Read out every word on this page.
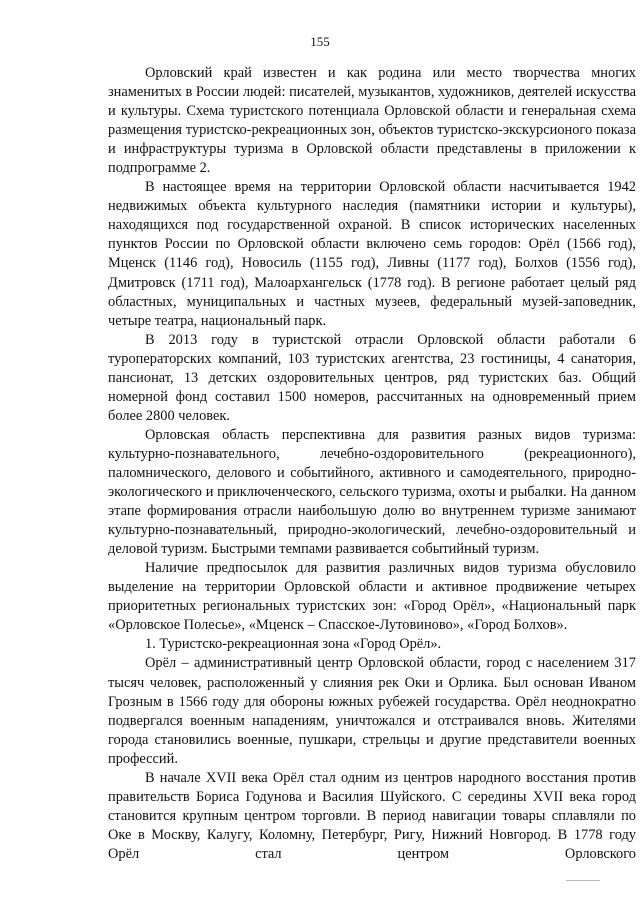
155

Орловский край известен и как родина или место творчества многих знаменитых в России людей: писателей, музыкантов, художников, деятелей искусства и культуры. Схема туристского потенциала Орловской области и генеральная схема размещения туристско-рекреационных зон, объектов туристско-экскурсионого показа и инфраструктуры туризма в Орловской области представлены в приложении к подпрограмме 2.

В настоящее время на территории Орловской области насчитывается 1942 недвижимых объекта культурного наследия (памятники истории и культуры), находящихся под государственной охраной. В список исторических населенных пунктов России по Орловской области включено семь городов: Орёл (1566 год), Мценск (1146 год), Новосиль (1155 год), Ливны (1177 год), Болхов (1556 год), Дмитровск (1711 год), Малоархангельск (1778 год). В регионе работает целый ряд областных, муниципальных и частных музеев, федеральный музей-заповедник, четыре театра, национальный парк.

В 2013 году в туристской отрасли Орловской области работали 6 туроператорских компаний, 103 туристских агентства, 23 гостиницы, 4 санатория, пансионат, 13 детских оздоровительных центров, ряд туристских баз. Общий номерной фонд составил 1500 номеров, рассчитанных на одновременный прием более 2800 человек.

Орловская область перспективна для развития разных видов туризма: культурно-познавательного, лечебно-оздоровительного (рекреационного), паломнического, делового и событийного, активного и самодеятельного, природно-экологического и приключенческого, сельского туризма, охоты и рыбалки. На данном этапе формирования отрасли наибольшую долю во внутреннем туризме занимают культурно-познавательный, природно-экологический, лечебно-оздоровительный и деловой туризм. Быстрыми темпами развивается событийный туризм.

Наличие предпосылок для развития различных видов туризма обусловило выделение на территории Орловской области и активное продвижение четырех приоритетных региональных туристских зон: «Город Орёл», «Национальный парк «Орловское Полесье», «Мценск – Спасское-Лутовиново», «Город Болхов».

1. Туристско-рекреационная зона «Город Орёл».

Орёл – административный центр Орловской области, город с населением 317 тысяч человек, расположенный у слияния рек Оки и Орлика. Был основан Иваном Грозным в 1566 году для обороны южных рубежей государства. Орёл неоднократно подвергался военным нападениям, уничтожался и отстраивался вновь. Жителями города становились военные, пушкари, стрельцы и другие представители военных профессий.

В начале XVII века Орёл стал одним из центров народного восстания против правительств Бориса Годунова и Василия Шуйского. С середины XVII века город становится крупным центром торговли. В период навигации товары сплавляли по Оке в Москву, Калугу, Коломну, Петербург, Ригу, Нижний Новгород. В 1778 году Орёл стал центром Орловского
